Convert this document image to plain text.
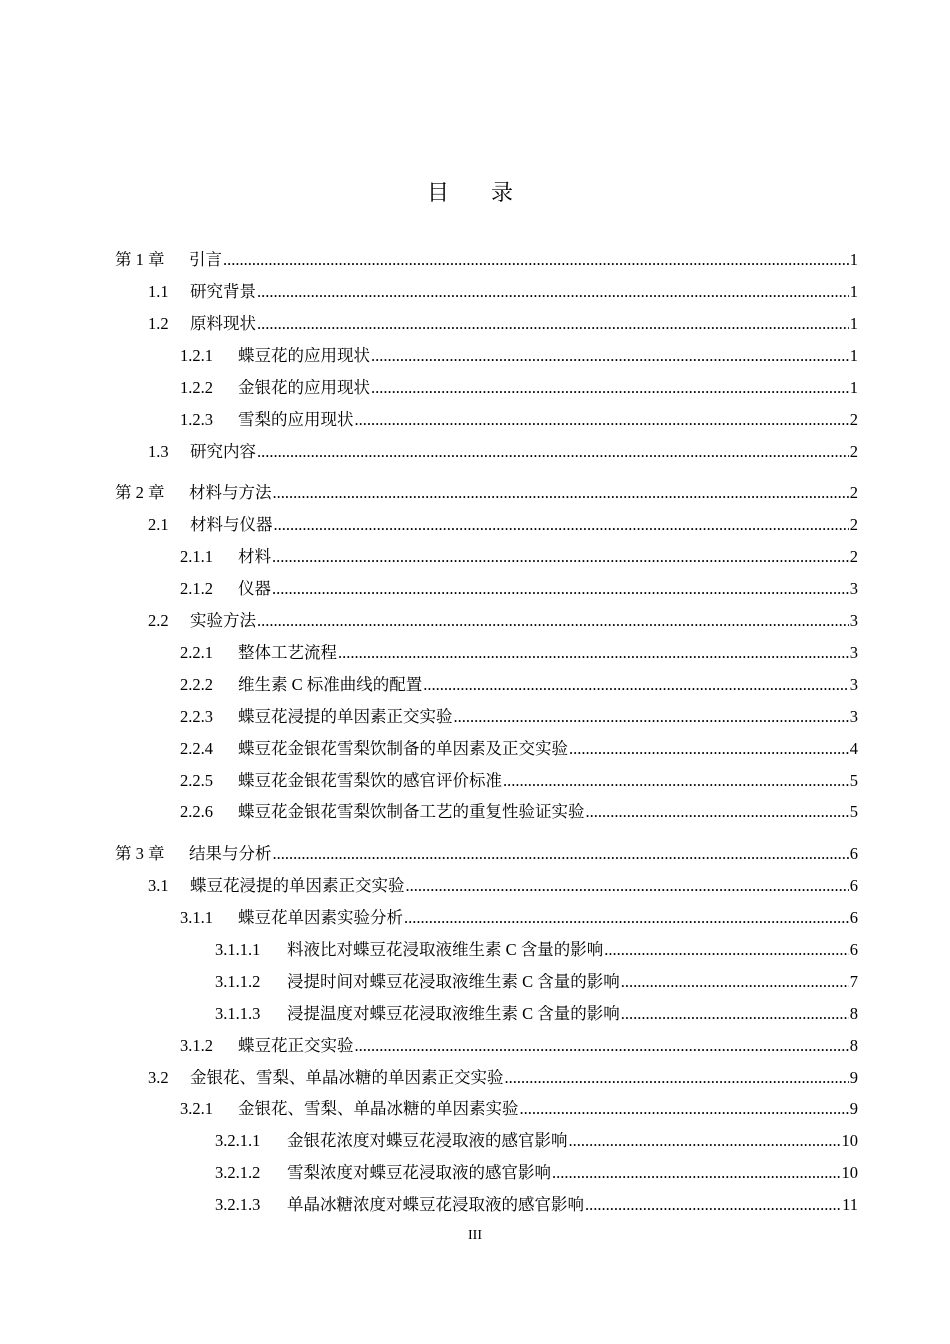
目　录
第 1 章	引言 .....	1
1.1	研究背景 .....	1
1.2	原料现状 .....	1
1.2.1	蝶豆花的应用现状 .....	1
1.2.2	金银花的应用现状 .....	1
1.2.3	雪梨的应用现状 .....	2
1.3	研究内容 .....	2
第 2 章	材料与方法 .....	2
2.1	材料与仪器 .....	2
2.1.1	材料 .....	2
2.1.2	仪器 .....	3
2.2	实验方法 .....	3
2.2.1	整体工艺流程 .....	3
2.2.2	维生素 C 标准曲线的配置 .....	3
2.2.3	蝶豆花浸提的单因素正交实验 .....	3
2.2.4	蝶豆花金银花雪梨饮制备的单因素及正交实验 .....	4
2.2.5	蝶豆花金银花雪梨饮的感官评价标准 .....	5
2.2.6	蝶豆花金银花雪梨饮制备工艺的重复性验证实验 .....	5
第 3 章	结果与分析 .....	6
3.1	蝶豆花浸提的单因素正交实验 .....	6
3.1.1	蝶豆花单因素实验分析 .....	6
3.1.1.1	料液比对蝶豆花浸取液维生素 C 含量的影响 .....	6
3.1.1.2	浸提时间对蝶豆花浸取液维生素 C 含量的影响 .....	7
3.1.1.3	浸提温度对蝶豆花浸取液维生素 C 含量的影响 .....	8
3.1.2	蝶豆花正交实验 .....	8
3.2	金银花、雪梨、单晶冰糖的单因素正交实验 .....	9
3.2.1	金银花、雪梨、单晶冰糖的单因素实验 .....	9
3.2.1.1	金银花浓度对蝶豆花浸取液的感官影响 .....	10
3.2.1.2	雪梨浓度对蝶豆花浸取液的感官影响 .....	10
3.2.1.3	单晶冰糖浓度对蝶豆花浸取液的感官影响 .....	11
III
